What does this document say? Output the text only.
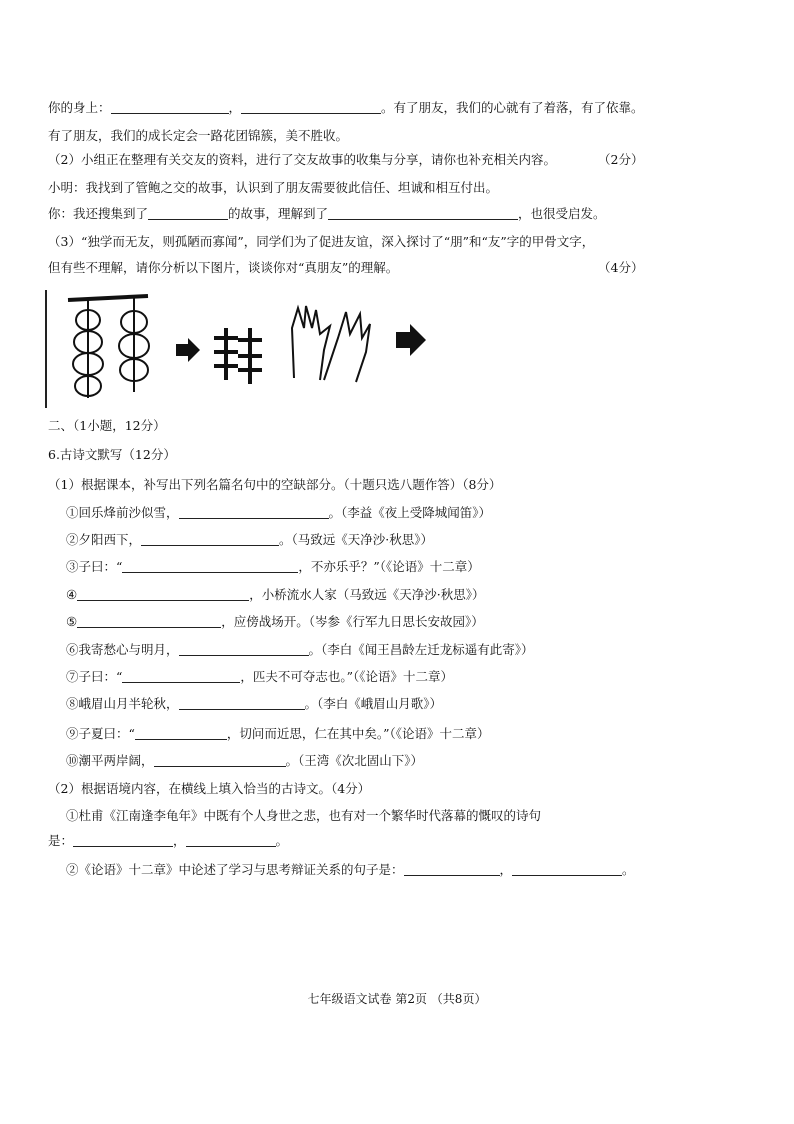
你的身上：	，	。有了朋友，我们的心就有了着落，有了依靠。
有了朋友，我们的成长定会一路花团锦簇，美不胜收。
（2）小组正在整理有关交友的资料，进行了交友故事的收集与分享，请你也补充相关内容。	（2分）
小明：我找到了管鲍之交的故事，认识到了朋友需要彼此信任、坦诚和相互付出。
你：我还搜集到了	的故事，理解到了	，也很受启发。
（3）“独学而无友，则孤陋而寡闻”，同学们为了促进友谊，深入探讨了“朋”和“友”字的甲骨文字，
但有些不理解，请你分析以下图片，谈谈你对“真朋友”的理解。	（4分）
二、（1小题，12分）
6.古诗文默写（12分）
（1）根据课本，补写出下列名篇名句中的空缺部分。（十题只选八题作答）（8分）
①回乐烽前沙似雪，	。（李益《夜上受降城闻笛》）
②夕阳西下，	。（马致远《天净沙·秋思》）
③子曰：“	，不亦乐乎？”（《论语》十二章）
④	，小桥流水人家（马致远《天净沙·秋思》）
⑤	，应傍战场开。（岑参《行军九日思长安故园》）
⑥我寄愁心与明月，	。（李白《闻王昌龄左迁龙标遥有此寄》）
⑦子曰：“	，匹夫不可夺志也。”（《论语》十二章）
⑧峨眉山月半轮秋，	。（李白《峨眉山月歌》）
⑨子夏曰：“	，切问而近思，仁在其中矣。”（《论语》十二章）
⑩潮平两岸阔，	。（王湾《次北固山下》）
（2）根据语境内容，在横线上填入恰当的古诗文。（4分）
①杜甫《江南逢李龟年》中既有个人身世之悲，也有对一个繁华时代落幕的慨叹的诗句
是：	，	。
②《论语》十二章》中论述了学习与思考辩证关系的句子是：	，	。
七年级语文试卷 第2页 （共8页）
